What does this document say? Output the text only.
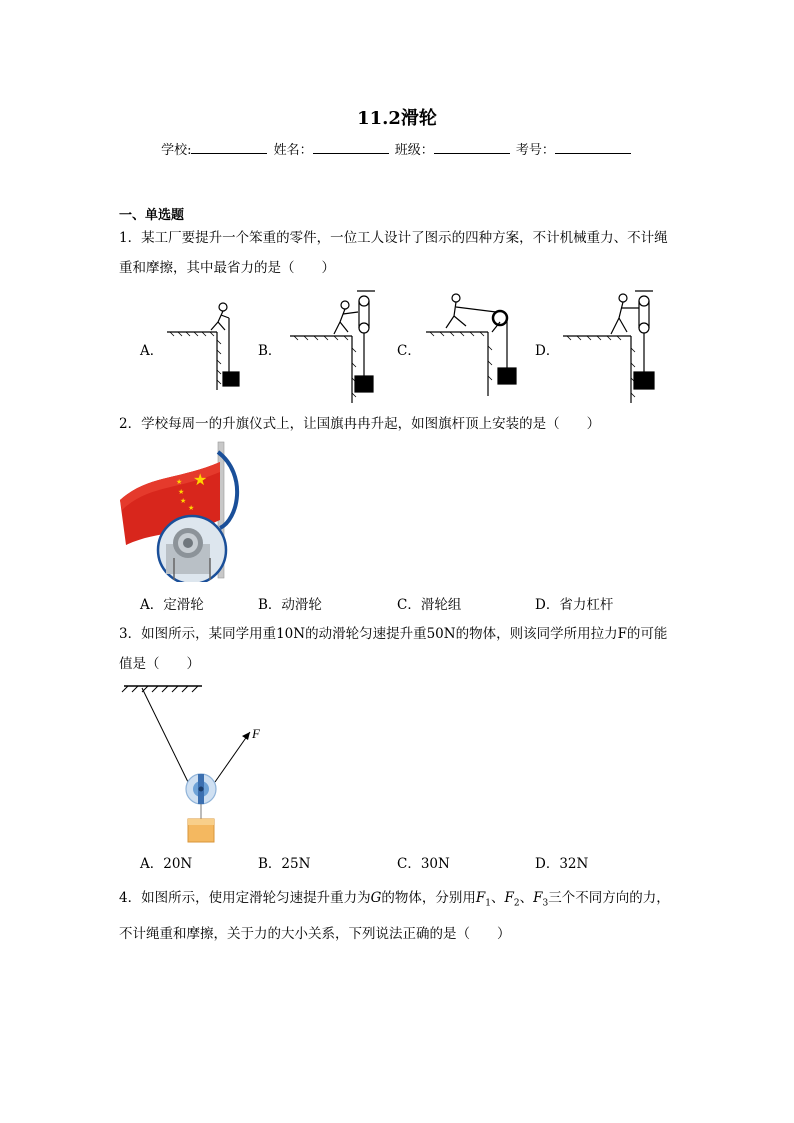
11.2滑轮
学校:	姓名：	班级：	考号：
一、单选题
1．某工厂要提升一个笨重的零件，一位工人设计了图示的四种方案，不计机械重力、不计绳重和摩擦，其中最省力的是（　　）
A．	B．	C．	D．
2．学校每周一的升旗仪式上，让国旗冉冉升起，如图旗杆顶上安装的是（　　）
★
★
★
★
★
A．定滑轮	B．动滑轮	C．滑轮组	D．省力杠杆
3．如图所示，某同学用重10N的动滑轮匀速提升重50N的物体，则该同学所用拉力F的可能值是（　　）
F
A．20N	B．25N	C．30N	D．32N
4．如图所示，使用定滑轮匀速提升重力为G的物体，分别用$F_1$、$F_2$、$F_3$三个不同方向的力，不计绳重和摩擦，关于力的大小关系，下列说法正确的是（　　）
